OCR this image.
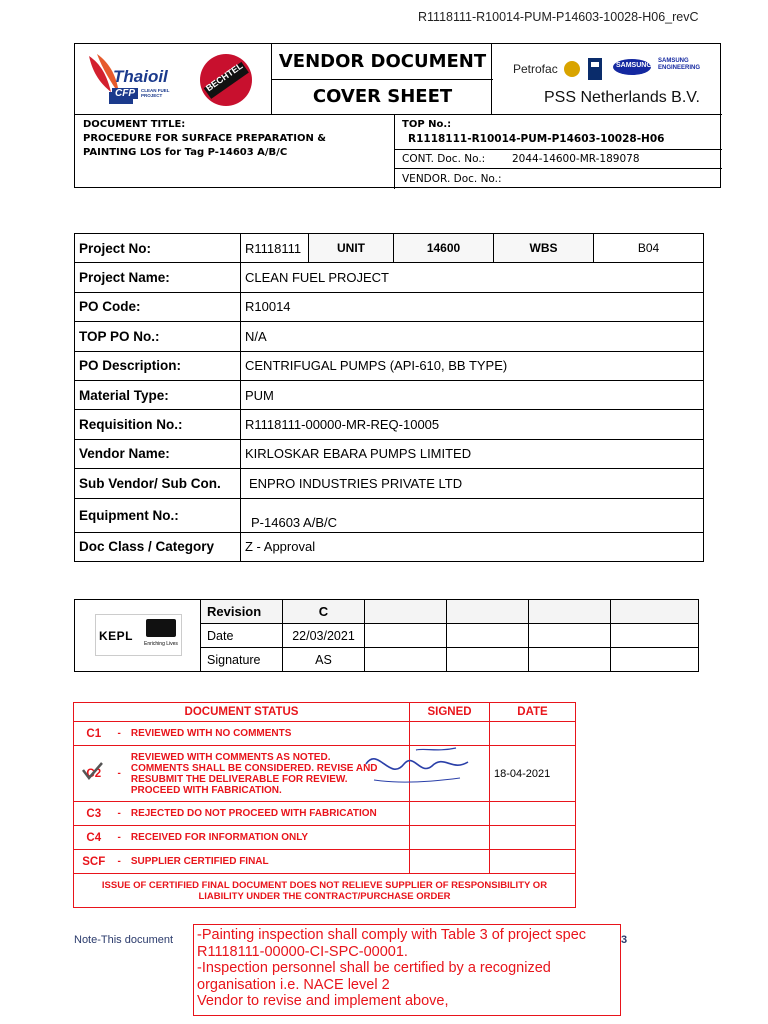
R1118111-R10014-PUM-P14603-10028-H06_revC
Thaioil
CFP	CLEAN FUEL PROJECT
BECHTEL	VENDOR DOCUMENT
COVER SHEET
Petrofac	SAMSUNG
SAMSUNG ENGINEERING
PSS Netherlands B.V.
DOCUMENT TITLE:
PROCEDURE FOR SURFACE PREPARATION & PAINTING LOS for Tag P-14603 A/B/C
TOP No.:
R1118111-R10014-PUM-P14603-10028-H06
CONT. Doc. No.:	2044-14600-MR-189078
VENDOR. Doc. No.:
Project No:	R1118111	UNIT	14600	WBS	B04
Project Name:	CLEAN FUEL PROJECT				
PO Code:	R10014				
TOP PO No.:	N/A				
PO Description:	CENTRIFUGAL PUMPS (API-610, BB TYPE)				
Material Type:	PUM				
Requisition No.:	R1118111-00000-MR-REQ-10005				
Vendor Name:	KIRLOSKAR EBARA PUMPS LIMITED				
Sub Vendor/ Sub Con.	ENPRO INDUSTRIES PRIVATE LTD				
Equipment No.:	P-14603 A/B/C				
Doc Class / Category	Z - Approval				
KEPL
Enriching Lives	Revision	C				
	Date	22/03/2021				
	Signature	AS				
DOCUMENT STATUS		SIGNED	DATE
C1	- REVIEWED WITH NO COMMENTS		
C2	-REVIEWED WITH COMMENTS AS NOTED. COMMENTS SHALL BE CONSIDERED. REVISE AND RESUBMIT THE DELIVERABLE FOR REVIEW. PROCEED WITH FABRICATION.		18-04-2021
C3	- REJECTED DO NOT PROCEED WITH FABRICATION		
C4	- RECEIVED FOR INFORMATION ONLY		
SCF	- SUPPLIER CERTIFIED FINAL		
ISSUE OF CERTIFIED FINAL DOCUMENT DOES NOT RELIEVE SUPPLIER OF RESPONSIBILITY OR LIABILITY UNDER THE CONTRACT/PURCHASE ORDER			
Note-This document	3
-Painting inspection shall comply with Table 3 of project spec
R1118111-00000-CI-SPC-00001.
-Inspection personnel shall be certified by a recognized
organisation i.e. NACE level 2
Vendor to revise and implement above,
